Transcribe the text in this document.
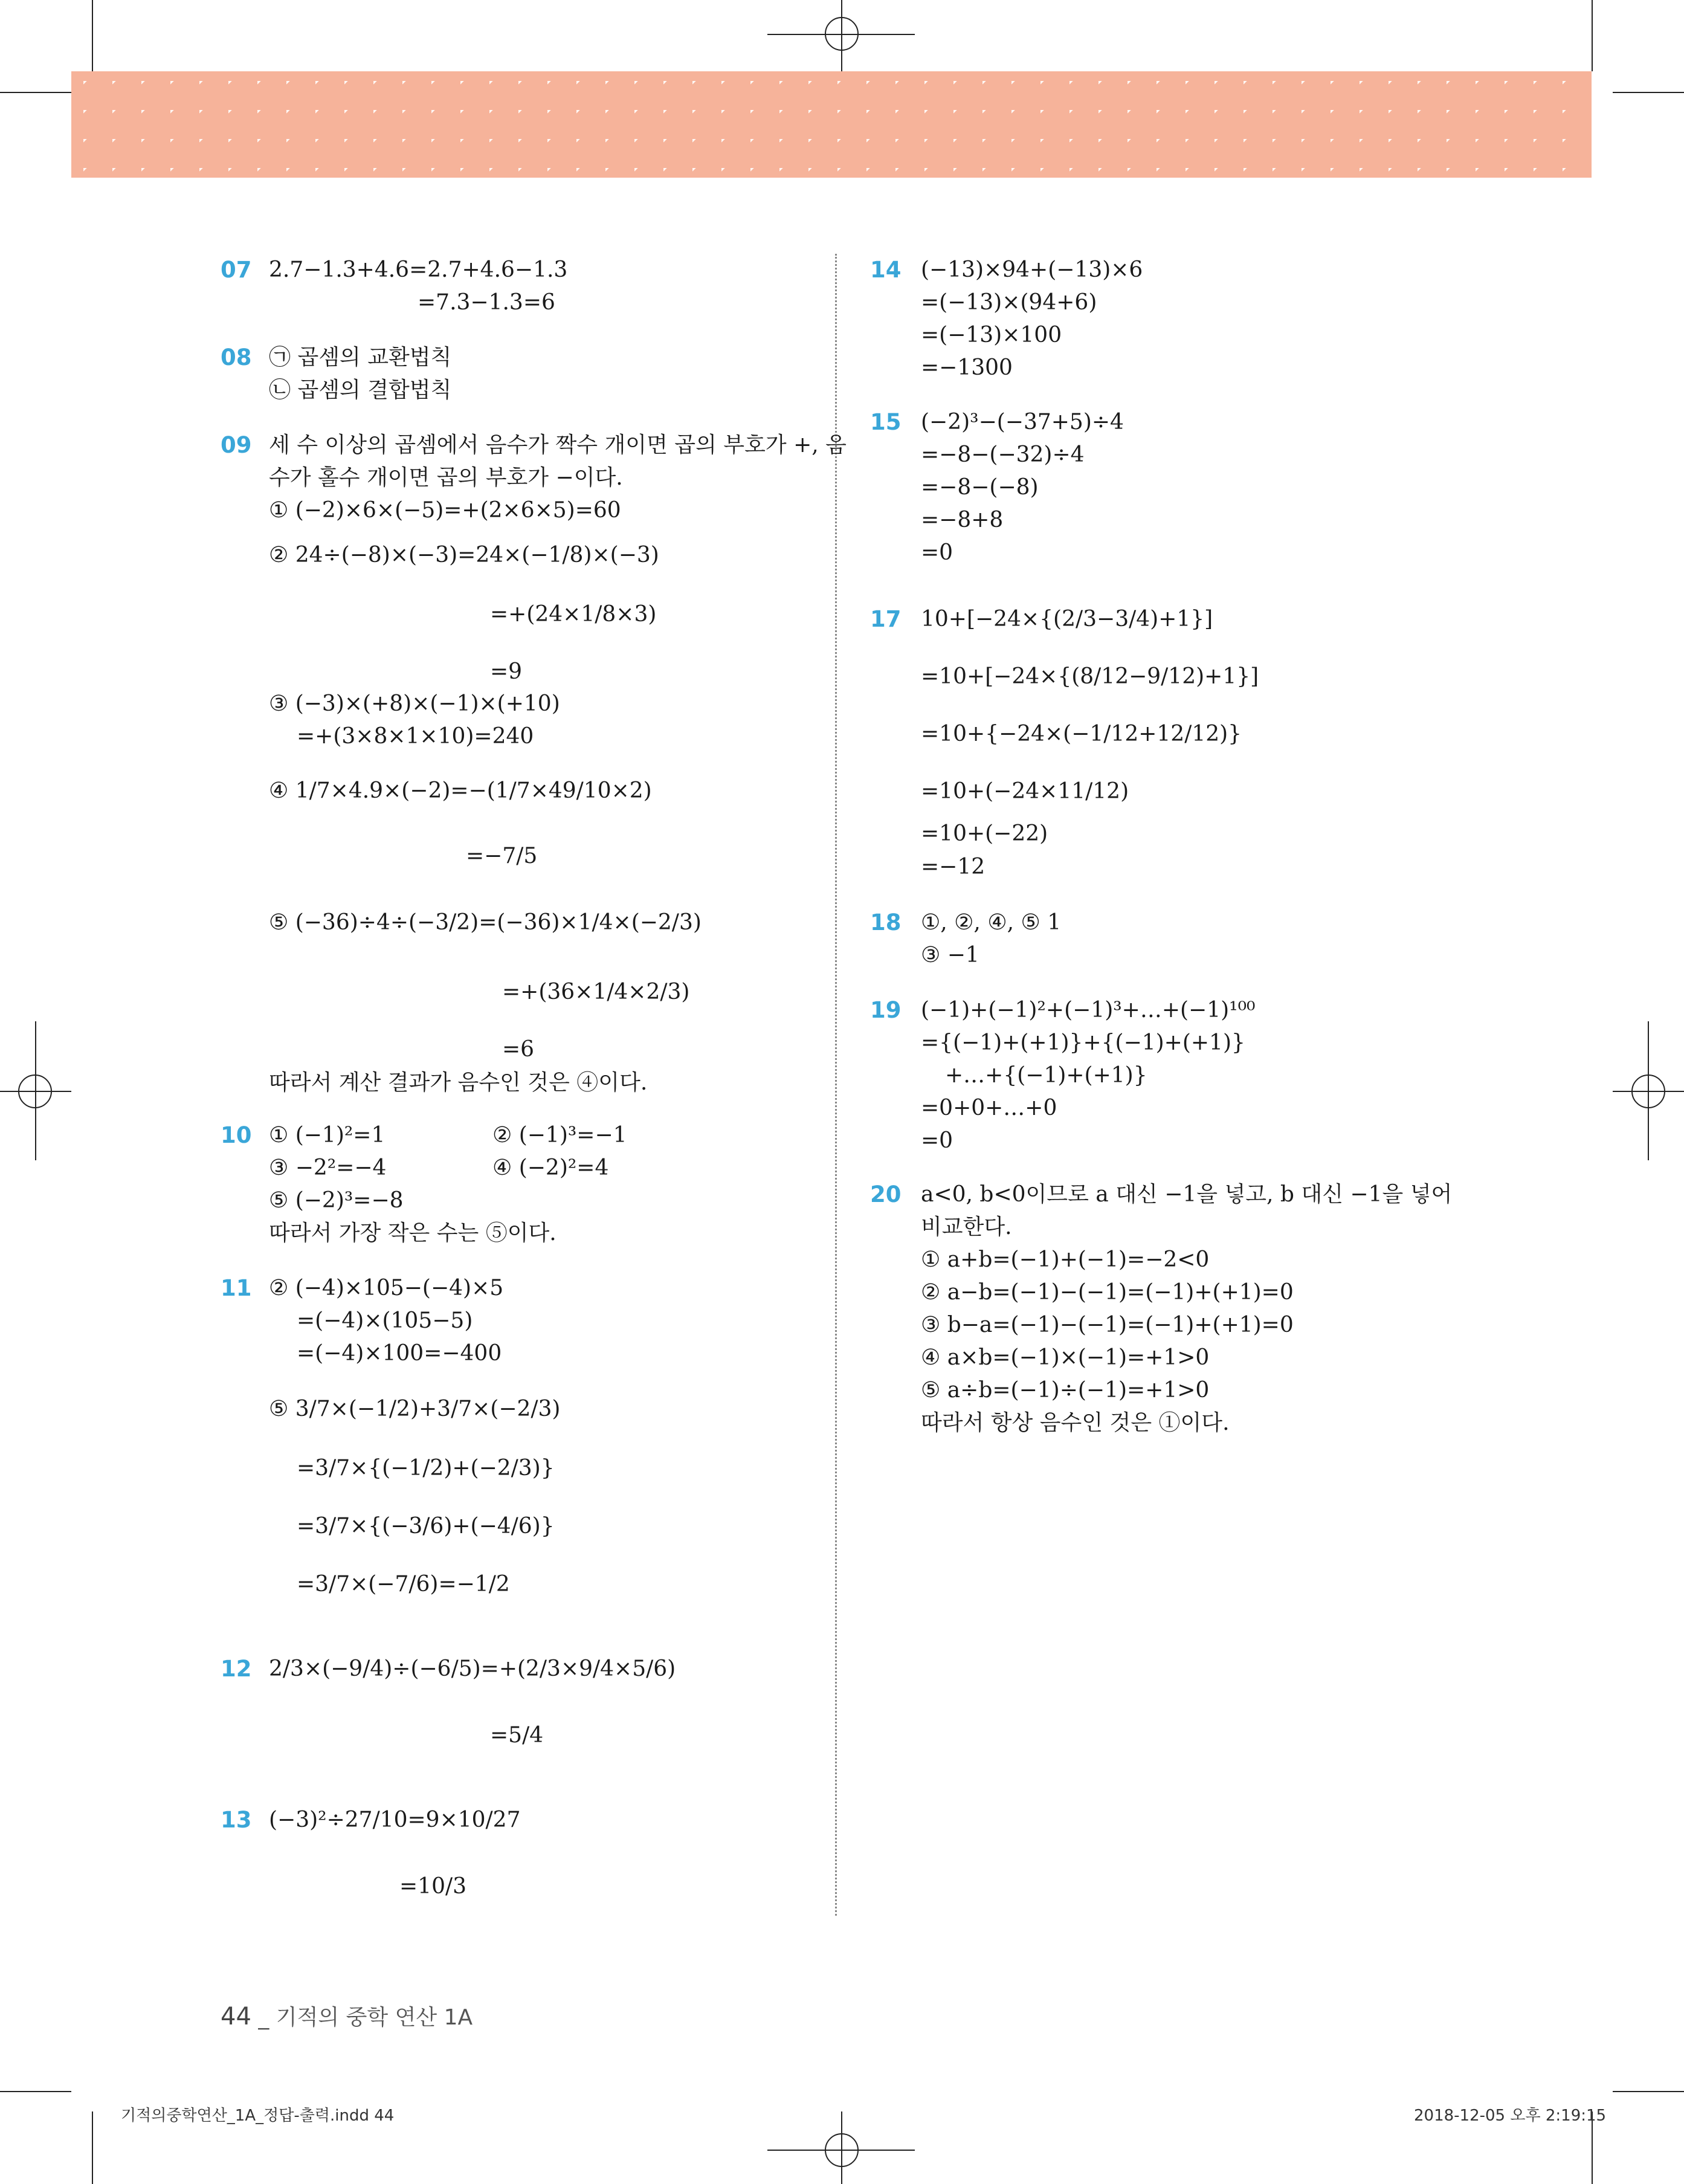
07 2.7−1.3+4.6=2.7+4.6−1.3
=7.3−1.3=6
08 ㉠ 곱셈의 교환법칙
㉡ 곱셈의 결합법칙
09 세 수 이상의 곱셈에서 음수가 짝수 개이면 곱의 부호가 +, 음
수가 홀수 개이면 곱의 부호가 −이다.
① (−2)×6×(−5)=+(2×6×5)=60
② 24÷(−8)×(−3)=24×(−1/8)×(−3)
=+(24×1/8×3)
=9
③ (−3)×(+8)×(−1)×(+10)
=+(3×8×1×10)=240
④ 1/7×4.9×(−2)=−(1/7×49/10×2)
=−7/5
⑤ (−36)÷4÷(−3/2)=(−36)×1/4×(−2/3)
=+(36×1/4×2/3)
=6
따라서 계산 결과가 음수인 것은 ④이다.
10 ① (−1)²=1	② (−1)³=−1
③ −2²=−4	④ (−2)²=4
⑤ (−2)³=−8
따라서 가장 작은 수는 ⑤이다.
11 ② (−4)×105−(−4)×5
=(−4)×(105−5)
=(−4)×100=−400
⑤ 3/7×(−1/2)+3/7×(−2/3)
=3/7×{(−1/2)+(−2/3)}
=3/7×{(−3/6)+(−4/6)}
=3/7×(−7/6)=−1/2
12 2/3×(−9/4)÷(−6/5)=+(2/3×9/4×5/6)
=5/4
13 (−3)²÷27/10=9×10/27
=10/3
14 (−13)×94+(−13)×6
=(−13)×(94+6)
=(−13)×100
=−1300
15 (−2)³−(−37+5)÷4
=−8−(−32)÷4
=−8−(−8)
=−8+8
=0
17 10+[−24×{(2/3−3/4)+1}]
=10+[−24×{(8/12−9/12)+1}]
=10+{−24×(−1/12+12/12)}
=10+(−24×11/12)
=10+(−22)
=−12
18 ①, ②, ④, ⑤ 1
③ −1
19 (−1)+(−1)²+(−1)³+…+(−1)¹⁰⁰
={(−1)+(+1)}+{(−1)+(+1)}
+…+{(−1)+(+1)}
=0+0+…+0
=0
20 a<0, b<0이므로 a 대신 −1을 넣고, b 대신 −1을 넣어
비교한다.
① a+b=(−1)+(−1)=−2<0
② a−b=(−1)−(−1)=(−1)+(+1)=0
③ b−a=(−1)−(−1)=(−1)+(+1)=0
④ a×b=(−1)×(−1)=+1>0
⑤ a÷b=(−1)÷(−1)=+1>0
따라서 항상 음수인 것은 ①이다.
44 _ 기적의 중학 연산 1A
기적의중학연산_1A_정답-출력.indd 44	2018-12-05 오후 2:19:15
